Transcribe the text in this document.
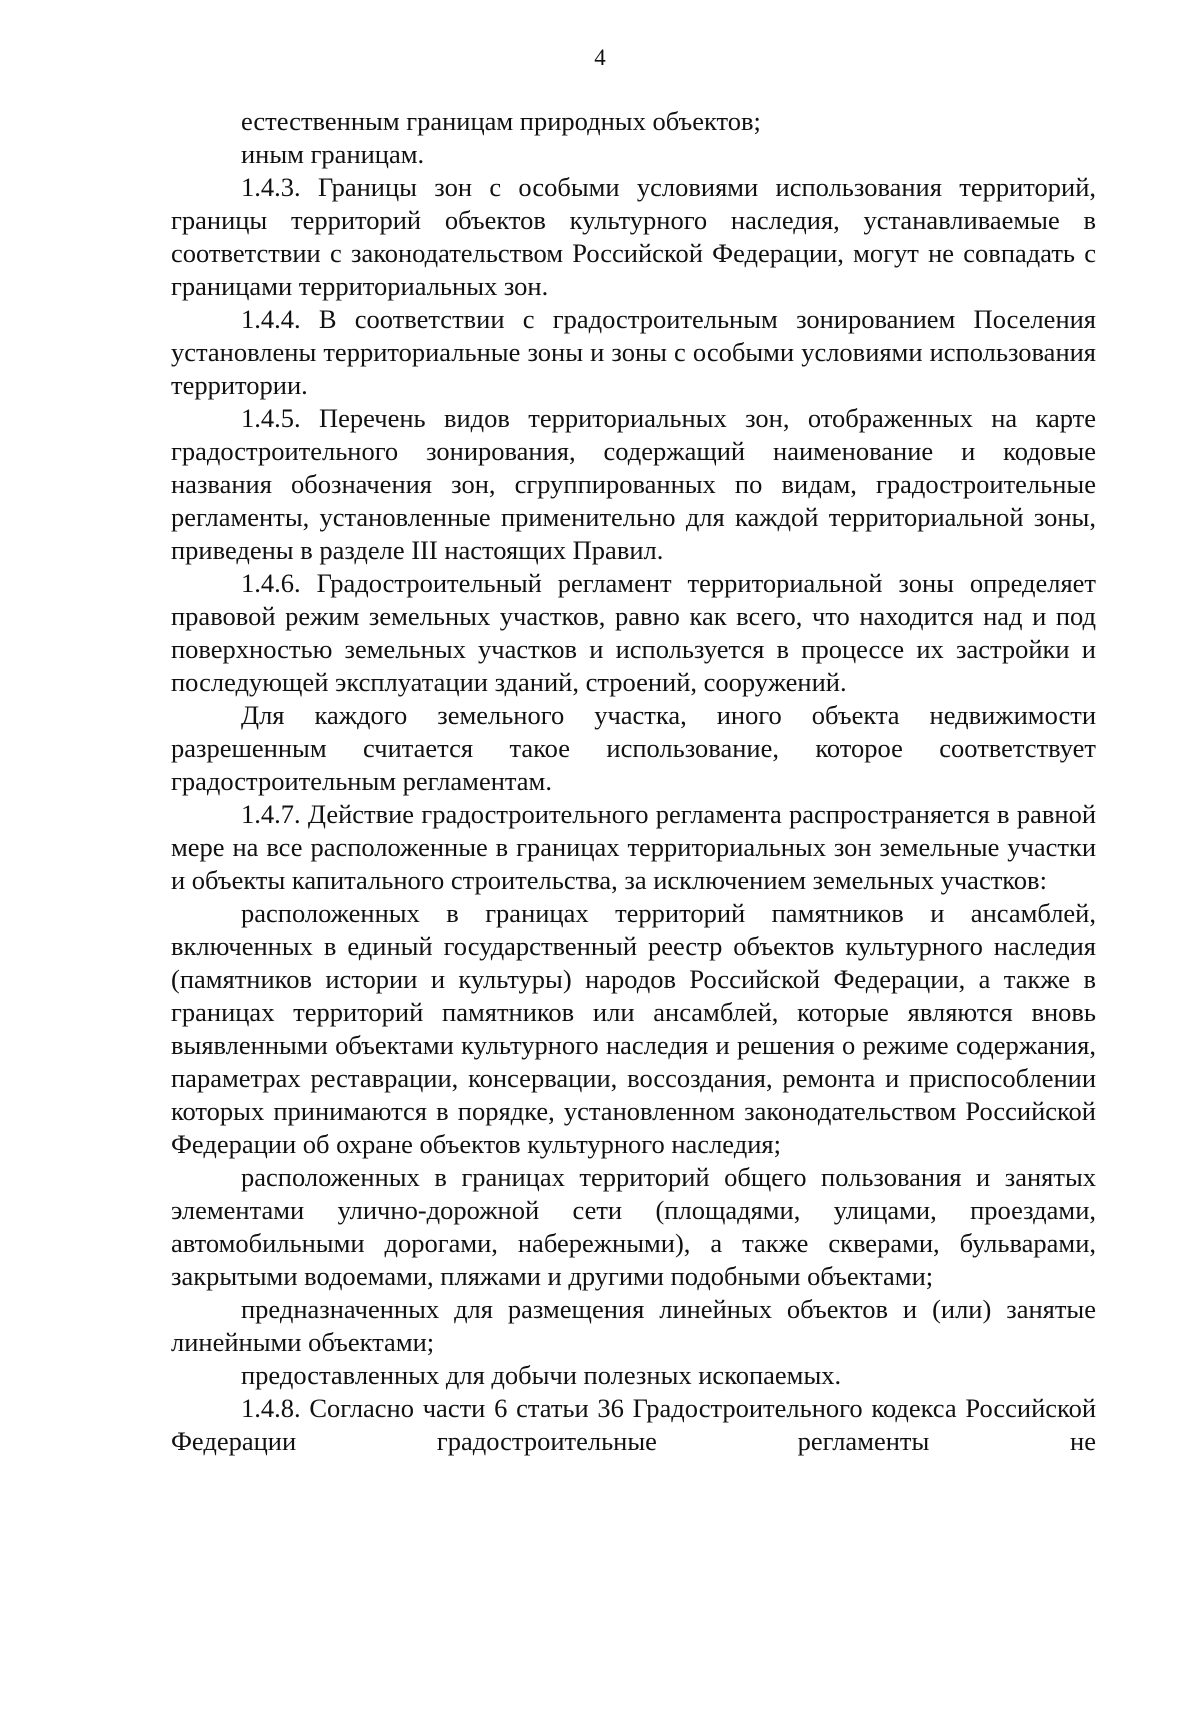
4

естественным границам природных объектов;

иным границам.

1.4.3. Границы зон с особыми условиями использования территорий, границы территорий объектов культурного наследия, устанавливаемые в соответствии с законодательством Российской Федерации, могут не совпадать с границами территориальных зон.

1.4.4. В соответствии с градостроительным зонированием Поселения установлены территориальные зоны и зоны с особыми условиями использования территории.

1.4.5. Перечень видов территориальных зон, отображенных на карте градостроительного зонирования, содержащий наименование и кодовые названия обозначения зон, сгруппированных по видам, градостроительные регламенты, установленные применительно для каждой территориальной зоны, приведены в разделе III настоящих Правил.

1.4.6. Градостроительный регламент территориальной зоны определяет правовой режим земельных участков, равно как всего, что находится над и под поверхностью земельных участков и используется в процессе их застройки и последующей эксплуатации зданий, строений, сооружений.

Для каждого земельного участка, иного объекта недвижимости разрешенным считается такое использование, которое соответствует градостроительным регламентам.

1.4.7. Действие градостроительного регламента распространяется в равной мере на все расположенные в границах территориальных зон земельные участки и объекты капитального строительства, за исключением земельных участков:

расположенных в границах территорий памятников и ансамблей, включенных в единый государственный реестр объектов культурного наследия (памятников истории и культуры) народов Российской Федерации, а также в границах территорий памятников или ансамблей, которые являются вновь выявленными объектами культурного наследия и решения о режиме содержания, параметрах реставрации, консервации, воссоздания, ремонта и приспособлении которых принимаются в порядке, установленном законодательством Российской Федерации об охране объектов культурного наследия;

расположенных в границах территорий общего пользования и занятых элементами улично-дорожной сети (площадями, улицами, проездами, автомобильными дорогами, набережными), а также скверами, бульварами, закрытыми водоемами, пляжами и другими подобными объектами;

предназначенных для размещения линейных объектов и (или) занятые линейными объектами;

предоставленных для добычи полезных ископаемых.

1.4.8. Согласно части 6 статьи 36 Градостроительного кодекса Российской Федерации градостроительные регламенты не
